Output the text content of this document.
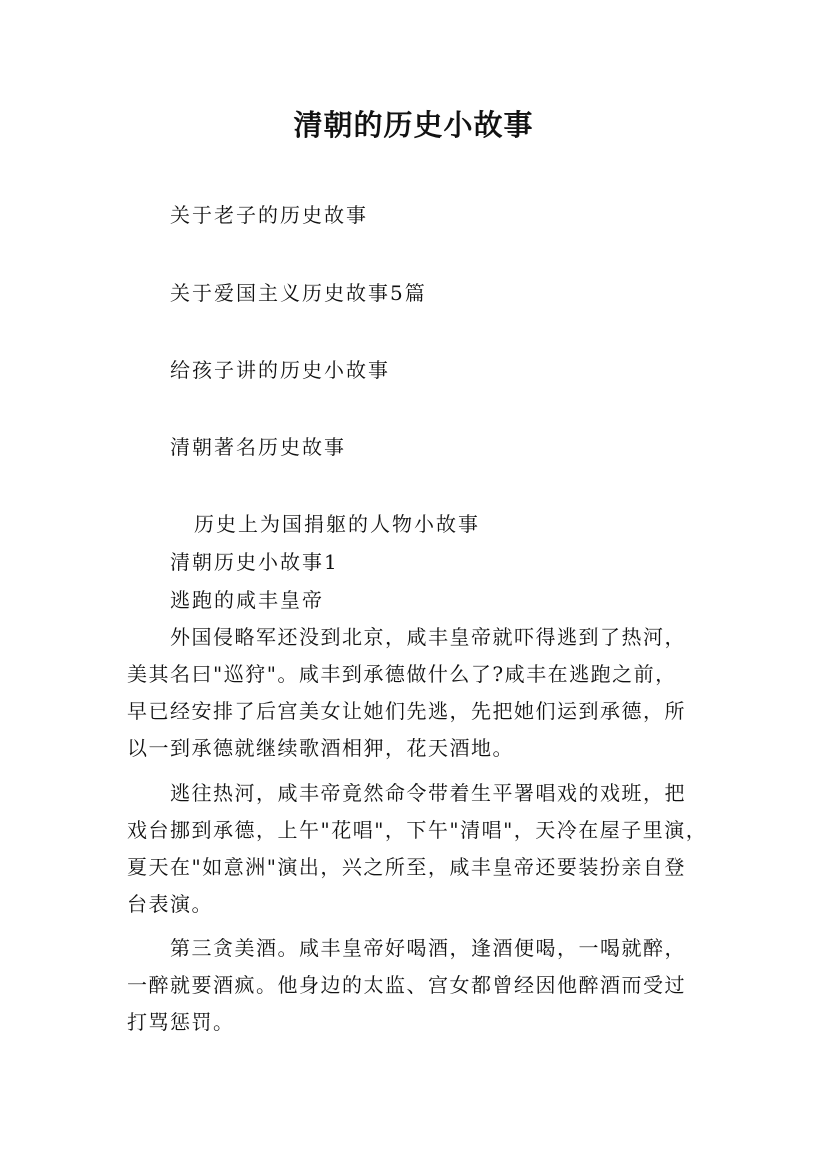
清朝的历史小故事
关于老子的历史故事
关于爱国主义历史故事5篇
给孩子讲的历史小故事
清朝著名历史故事
历史上为国捐躯的人物小故事
清朝历史小故事1
逃跑的咸丰皇帝
外国侵略军还没到北京，咸丰皇帝就吓得逃到了热河，
美其名曰"巡狩"。咸丰到承德做什么了?咸丰在逃跑之前，
早已经安排了后宫美女让她们先逃，先把她们运到承德，所
以一到承德就继续歌酒相狎，花天酒地。
逃往热河，咸丰帝竟然命令带着生平署唱戏的戏班，把
戏台挪到承德，上午"花唱"，下午"清唱"，天冷在屋子里演，
夏天在"如意洲"演出，兴之所至，咸丰皇帝还要装扮亲自登
台表演。
第三贪美酒。咸丰皇帝好喝酒，逢酒便喝，一喝就醉，
一醉就要酒疯。他身边的太监、宫女都曾经因他醉酒而受过
打骂惩罚。
